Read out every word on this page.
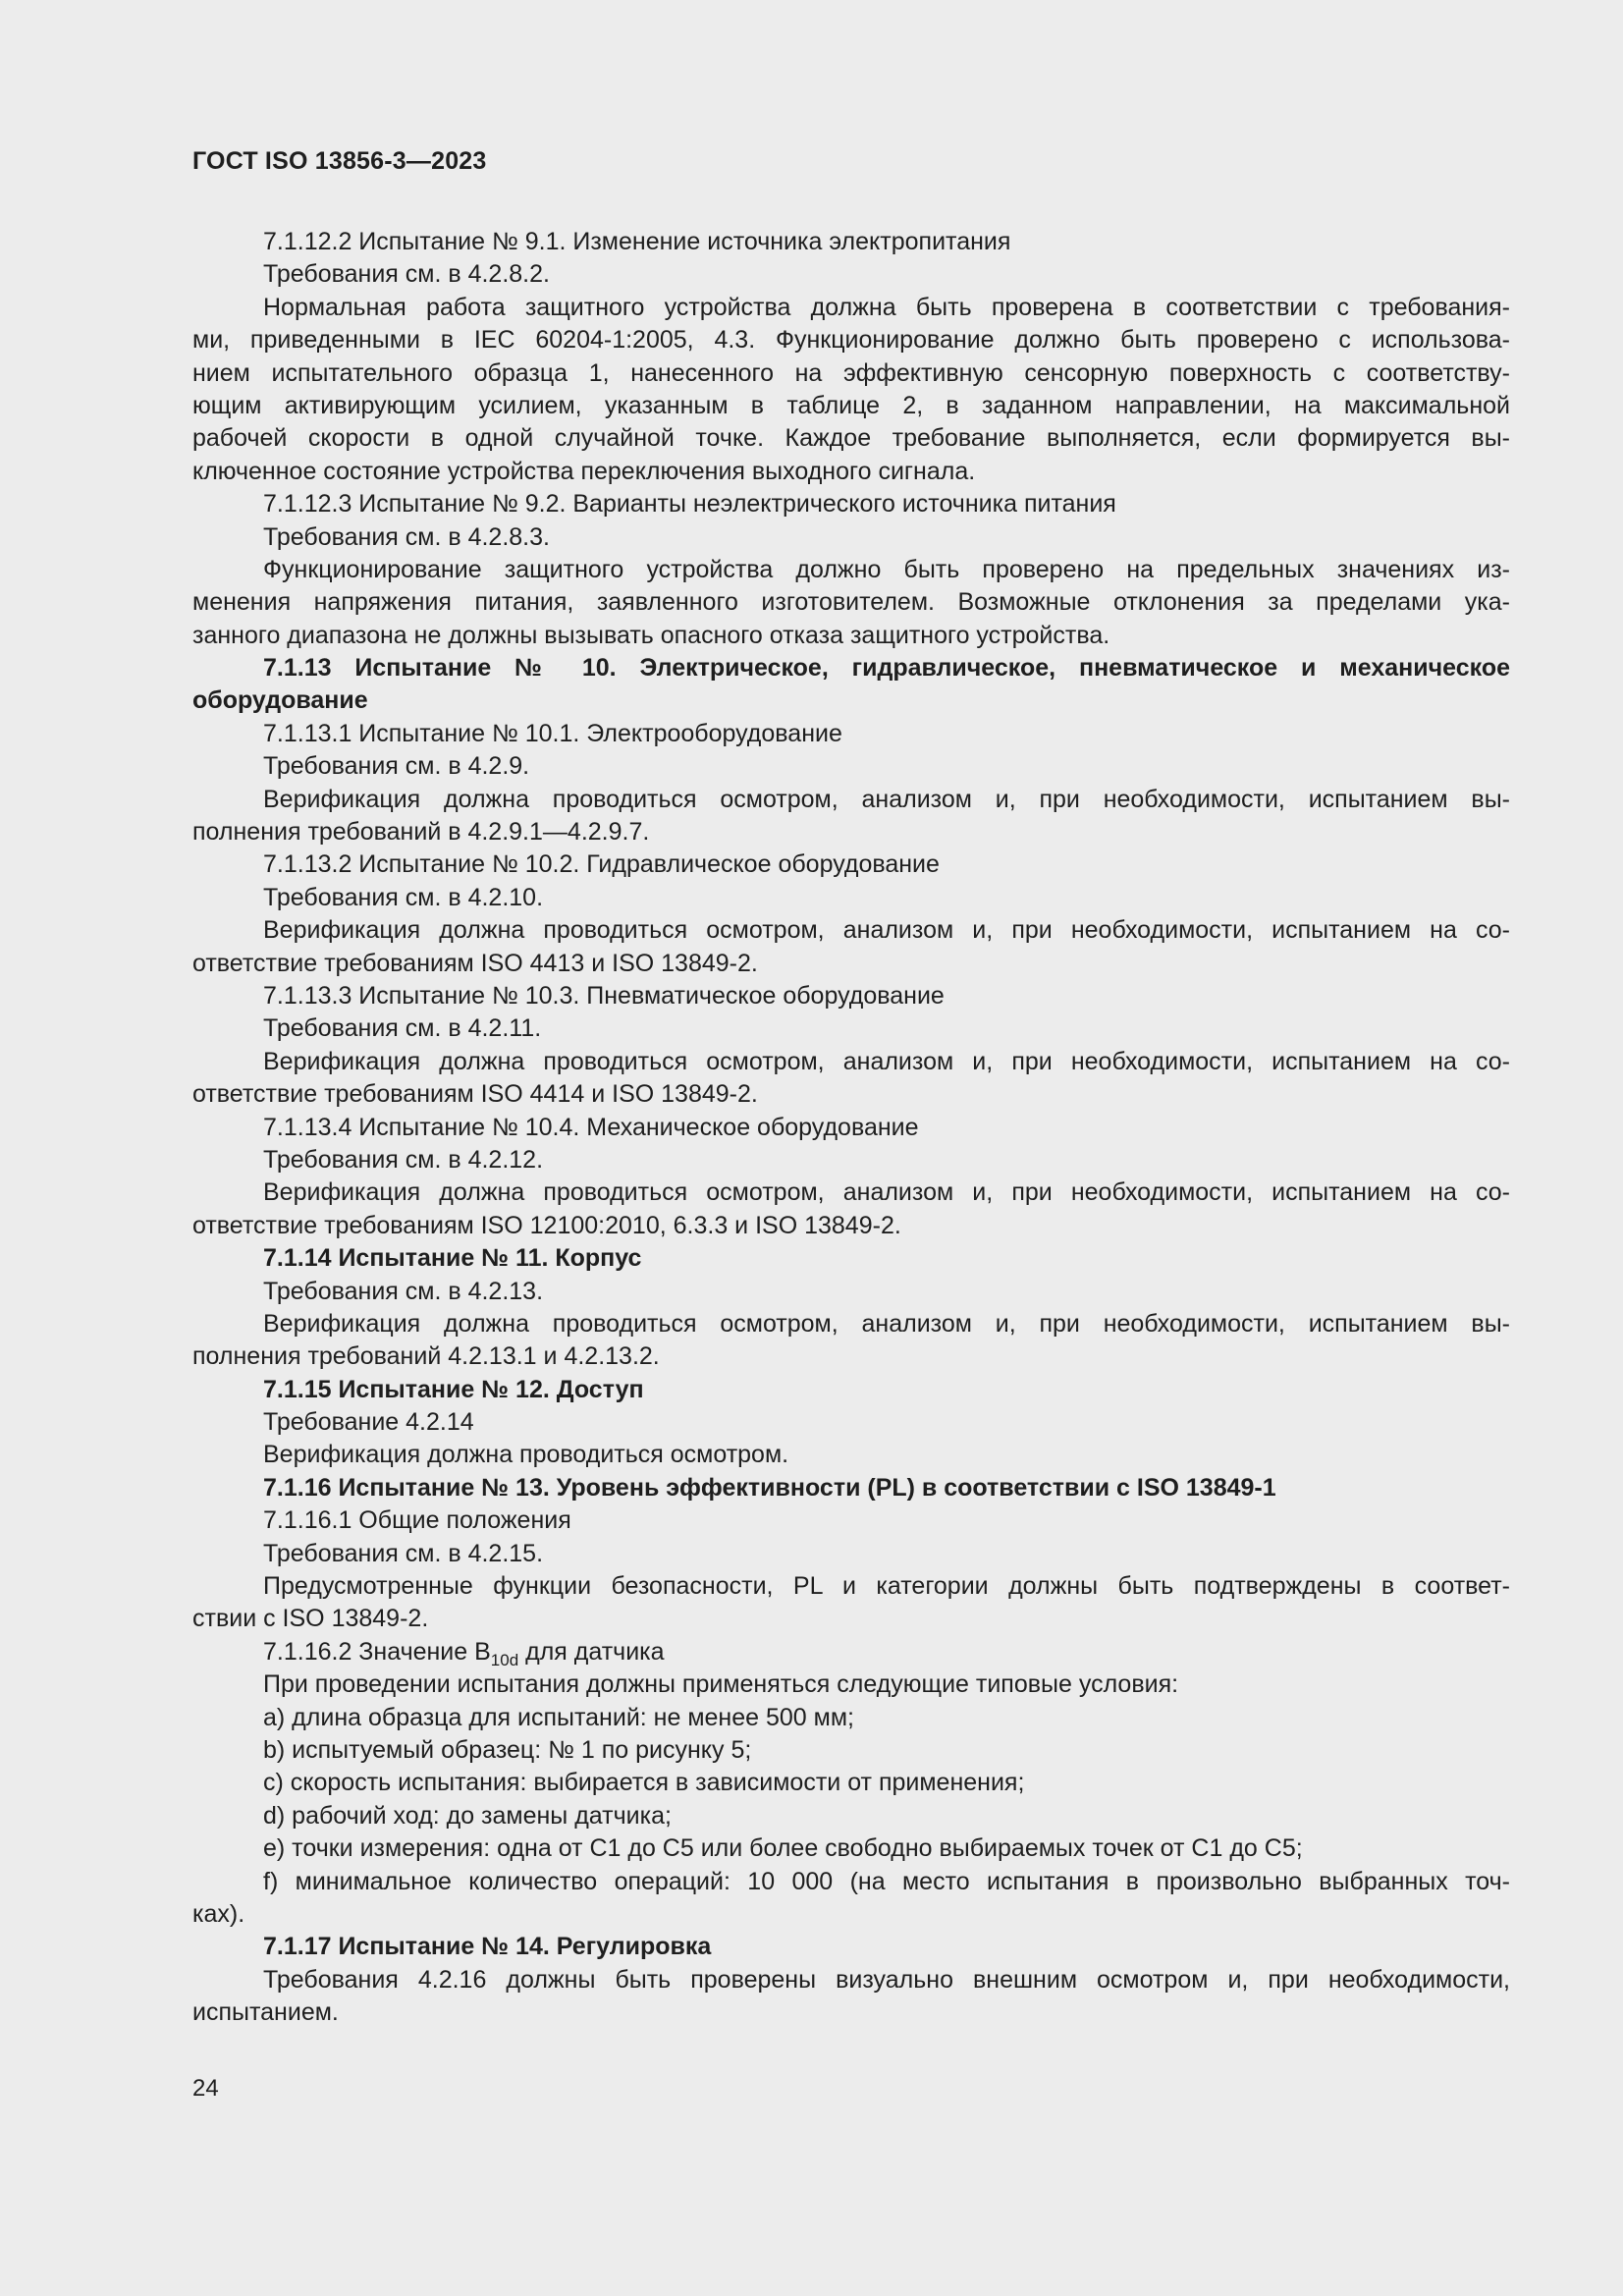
ГОСТ ISO 13856-3—2023
7.1.12.2 Испытание № 9.1. Изменение источника электропитания
Требования см. в 4.2.8.2.
Нормальная работа защитного устройства должна быть проверена в соответствии с требования-
ми, приведенными в IEC 60204-1:2005, 4.3. Функционирование должно быть проверено с использова-
нием испытательного образца 1, нанесенного на эффективную сенсорную поверхность с соответству-
ющим активирующим усилием, указанным в таблице 2, в заданном направлении, на максимальной
рабочей скорости в одной случайной точке. Каждое требование выполняется, если формируется вы-
ключенное состояние устройства переключения выходного сигнала.
7.1.12.3 Испытание № 9.2. Варианты неэлектрического источника питания
Требования см. в 4.2.8.3.
Функционирование защитного устройства должно быть проверено на предельных значениях из-
менения напряжения питания, заявленного изготовителем. Возможные отклонения за пределами ука-
занного диапазона не должны вызывать опасного отказа защитного устройства.
7.1.13 Испытание № 10. Электрическое, гидравлическое, пневматическое и механическое
оборудование
7.1.13.1 Испытание № 10.1. Электрооборудование
Требования см. в 4.2.9.
Верификация должна проводиться осмотром, анализом и, при необходимости, испытанием вы-
полнения требований в 4.2.9.1—4.2.9.7.
7.1.13.2 Испытание № 10.2. Гидравлическое оборудование
Требования см. в 4.2.10.
Верификация должна проводиться осмотром, анализом и, при необходимости, испытанием на со-
ответствие требованиям ISO 4413 и ISO 13849-2.
7.1.13.3 Испытание № 10.3. Пневматическое оборудование
Требования см. в 4.2.11.
Верификация должна проводиться осмотром, анализом и, при необходимости, испытанием на со-
ответствие требованиям ISO 4414 и ISO 13849-2.
7.1.13.4 Испытание № 10.4. Механическое оборудование
Требования см. в 4.2.12.
Верификация должна проводиться осмотром, анализом и, при необходимости, испытанием на со-
ответствие требованиям ISO 12100:2010, 6.3.3 и ISO 13849-2.
7.1.14 Испытание № 11. Корпус
Требования см. в 4.2.13.
Верификация должна проводиться осмотром, анализом и, при необходимости, испытанием вы-
полнения требований 4.2.13.1 и 4.2.13.2.
7.1.15 Испытание № 12. Доступ
Требование 4.2.14
Верификация должна проводиться осмотром.
7.1.16 Испытание № 13. Уровень эффективности (PL) в соответствии с ISO 13849-1
7.1.16.1 Общие положения
Требования см. в 4.2.15.
Предусмотренные функции безопасности, PL и категории должны быть подтверждены в соответ-
ствии с ISO 13849-2.
7.1.16.2 Значение $B_{10d}$ для датчика
При проведении испытания должны применяться следующие типовые условия:
а) длина образца для испытаний: не менее 500 мм;
b) испытуемый образец: № 1 по рисунку 5;
с) скорость испытания: выбирается в зависимости от применения;
d) рабочий ход: до замены датчика;
е) точки измерения: одна от С1 до С5 или более свободно выбираемых точек от С1 до С5;
f) минимальное количество операций: 10 000 (на место испытания в произвольно выбранных точ-
ках).
7.1.17 Испытание № 14. Регулировка
Требования 4.2.16 должны быть проверены визуально внешним осмотром и, при необходимости,
испытанием.
24
